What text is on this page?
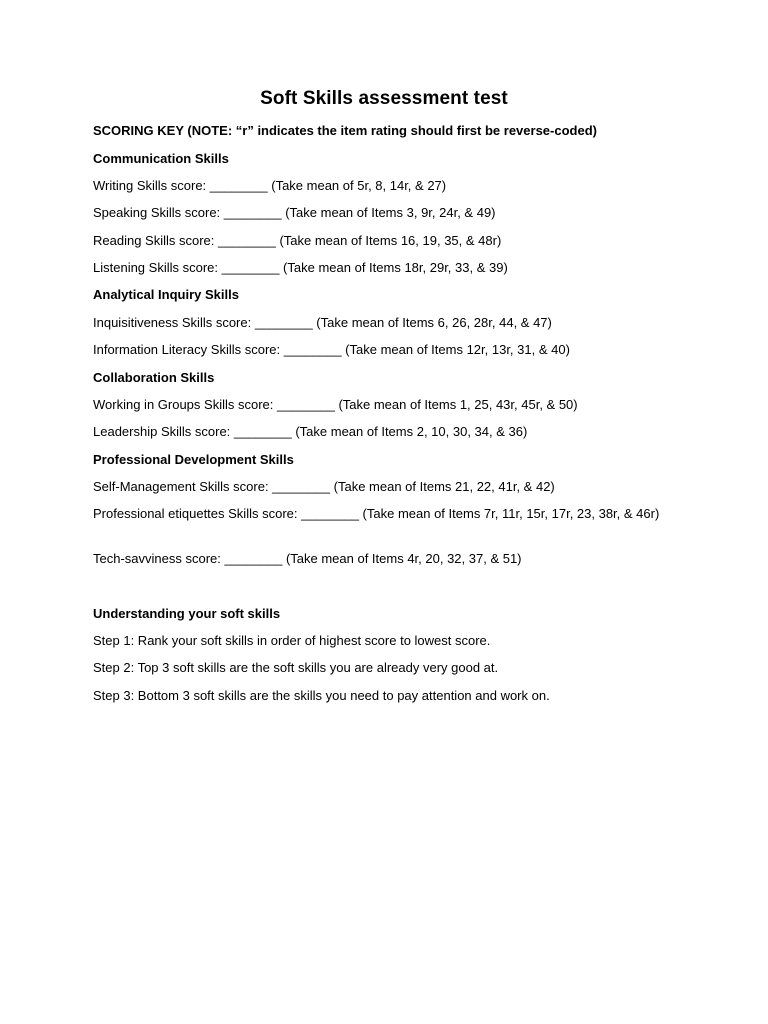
Soft Skills assessment test
SCORING KEY (NOTE: “r” indicates the item rating should first be reverse-coded)
Communication Skills
Writing Skills score: ________ (Take mean of 5r, 8, 14r, & 27)
Speaking Skills score: ________ (Take mean of Items 3, 9r, 24r, & 49)
Reading Skills score: ________ (Take mean of Items 16, 19, 35, & 48r)
Listening Skills score: ________ (Take mean of Items 18r, 29r, 33, & 39)
Analytical Inquiry Skills
Inquisitiveness Skills score: ________ (Take mean of Items 6, 26, 28r, 44, & 47)
Information Literacy Skills score: ________ (Take mean of Items 12r, 13r, 31, & 40)
Collaboration Skills
Working in Groups Skills score: ________ (Take mean of Items 1, 25, 43r, 45r, & 50)
Leadership Skills score: ________ (Take mean of Items 2, 10, 30, 34, & 36)
Professional Development Skills
Self-Management Skills score: ________ (Take mean of Items 21, 22, 41r, & 42)
Professional etiquettes Skills score: ________ (Take mean of Items 7r, 11r, 15r, 17r, 23, 38r, & 46r)
Tech-savviness score: ________ (Take mean of Items 4r, 20, 32, 37, & 51)
Understanding your soft skills
Step 1: Rank your soft skills in order of highest score to lowest score.
Step 2: Top 3 soft skills are the soft skills you are already very good at.
Step 3: Bottom 3 soft skills are the skills you need to pay attention and work on.
